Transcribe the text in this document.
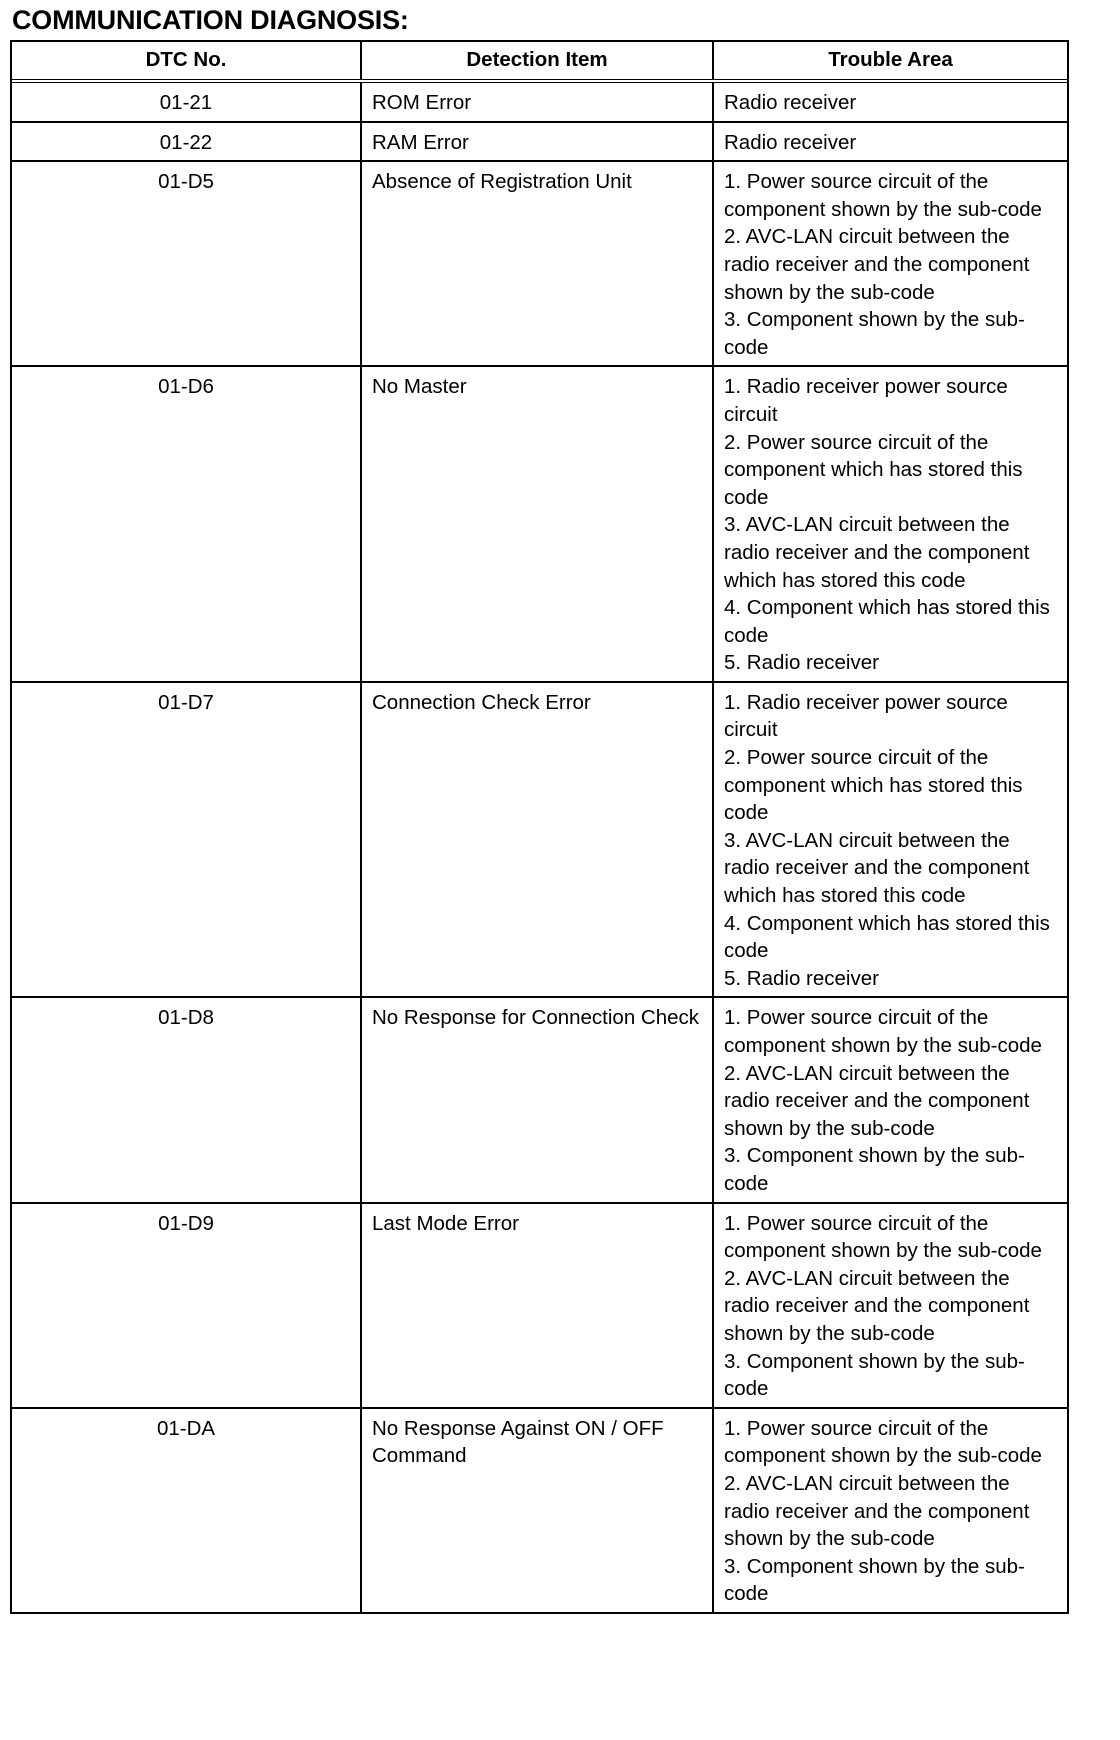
COMMUNICATION DIAGNOSIS:
DTC No.	Detection Item	Trouble Area
01-21	ROM Error	Radio receiver
01-22	RAM Error	Radio receiver
01-D5	Absence of Registration Unit	1. Power source circuit of the component shown by the sub-code
2. AVC-LAN circuit between the radio receiver and the component shown by the sub-code
3. Component shown by the sub-code
01-D6	No Master	1. Radio receiver power source circuit
2. Power source circuit of the component which has stored this code
3. AVC-LAN circuit between the radio receiver and the component which has stored this code
4. Component which has stored this code
5. Radio receiver
01-D7	Connection Check Error	1. Radio receiver power source circuit
2. Power source circuit of the component which has stored this code
3. AVC-LAN circuit between the radio receiver and the component which has stored this code
4. Component which has stored this code
5. Radio receiver
01-D8	No Response for Connection Check	1. Power source circuit of the component shown by the sub-code
2. AVC-LAN circuit between the radio receiver and the component shown by the sub-code
3. Component shown by the sub-code
01-D9	Last Mode Error	1. Power source circuit of the component shown by the sub-code
2. AVC-LAN circuit between the radio receiver and the component shown by the sub-code
3. Component shown by the sub-code
01-DA	No Response Against ON / OFF Command
1. Power source circuit of the component shown by the sub-code
2. AVC-LAN circuit between the radio receiver and the component shown by the sub-code
3. Component shown by the sub-code
